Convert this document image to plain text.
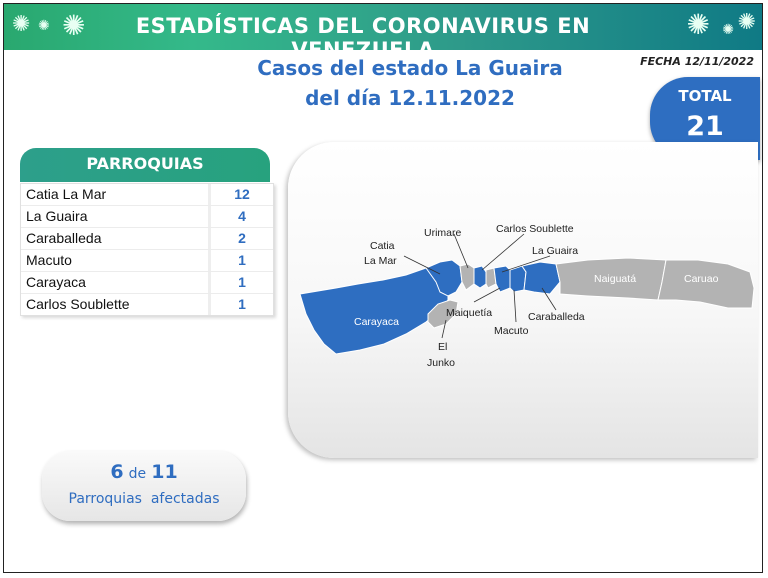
✺ ✺ ✺	ESTADÍSTICAS DEL CORONAVIRUS EN VENEZUELA
✺ ✺ ✺
FECHA 12/11/2022
Casos del estado La Guaira
del día 12.11.2022	TOTAL
21
PARROQUIAS
Catia La Mar	12
La Guaira	4
Caraballeda	2
Macuto	1
Carayaca	1
Carlos Soublette	1
Urimare	Carlos Soublette
Catia
La Mar
La Guaira
Naiguatá	Caruao
Carayaca
Maiquetía	Caraballeda
Macuto
El
Junko
6 de 11
Parroquias  afectadas
